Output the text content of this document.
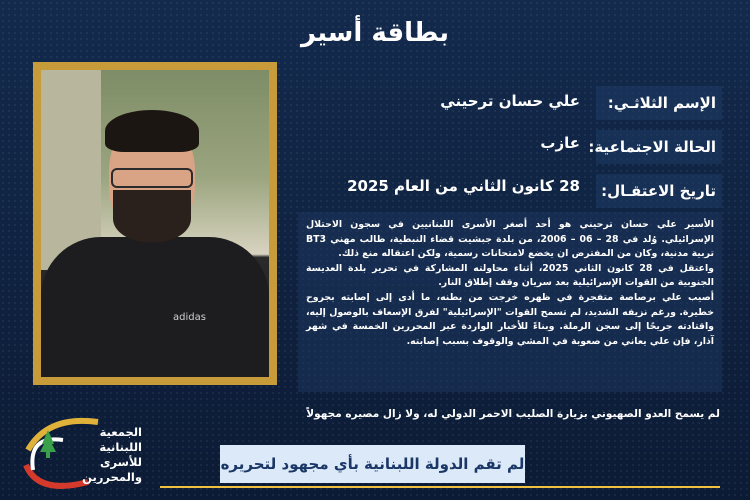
بطاقة أسير
adidas
الإسم الثلاثـي:
علي حسان ترحيني
الحالة الاجتماعية:
عازب
تاريخ الاعتقـال:
28 كانون الثاني من العام 2025

الأسير علي حسان ترحيني هو أحد أصغر الأسرى اللبنانيين في سجون الاحتلال الإسرائيلي. وُلد في 28 – 06 – 2006، من بلدة جبشيت قضاء النبطية، طالب مهني BT3 تربية مدنية، وكان من المفترض ان يخضع لامتحانات رسمية، ولكن اعتقاله منع ذلك.

واعتقل في 28 كانون الثاني 2025، أثناء محاولته المشاركة في تحرير بلدة العديسة الجنوبية من القوات الإسرائيلية بعد سريان وقف إطلاق النار.

أصيب علي برصاصة متفجرة في ظهره خرجت من بطنه، ما أدى إلى إصابته بجروح خطيرة. ورغم نزيفه الشديد، لم تسمح القوات "الإسرائيلية" لفرق الإسعاف بالوصول إليه، واقتادته جريحًا إلى سجن الرملة. وبناءً للأخبار الواردة عبر المحررين الخمسة في شهر آذار، فإن علي يعاني من صعوبة في المشي والوقوف بسبب إصابته.

لم يسمح العدو الصهيوني بزيارة الصليب الاحمر الدولي له، ولا زال مصيره مجهولاً
الجمعية
اللبنانية
للأسرى والمحررين
لم تقم الدولة اللبنانية بأي مجهود لتحريره
